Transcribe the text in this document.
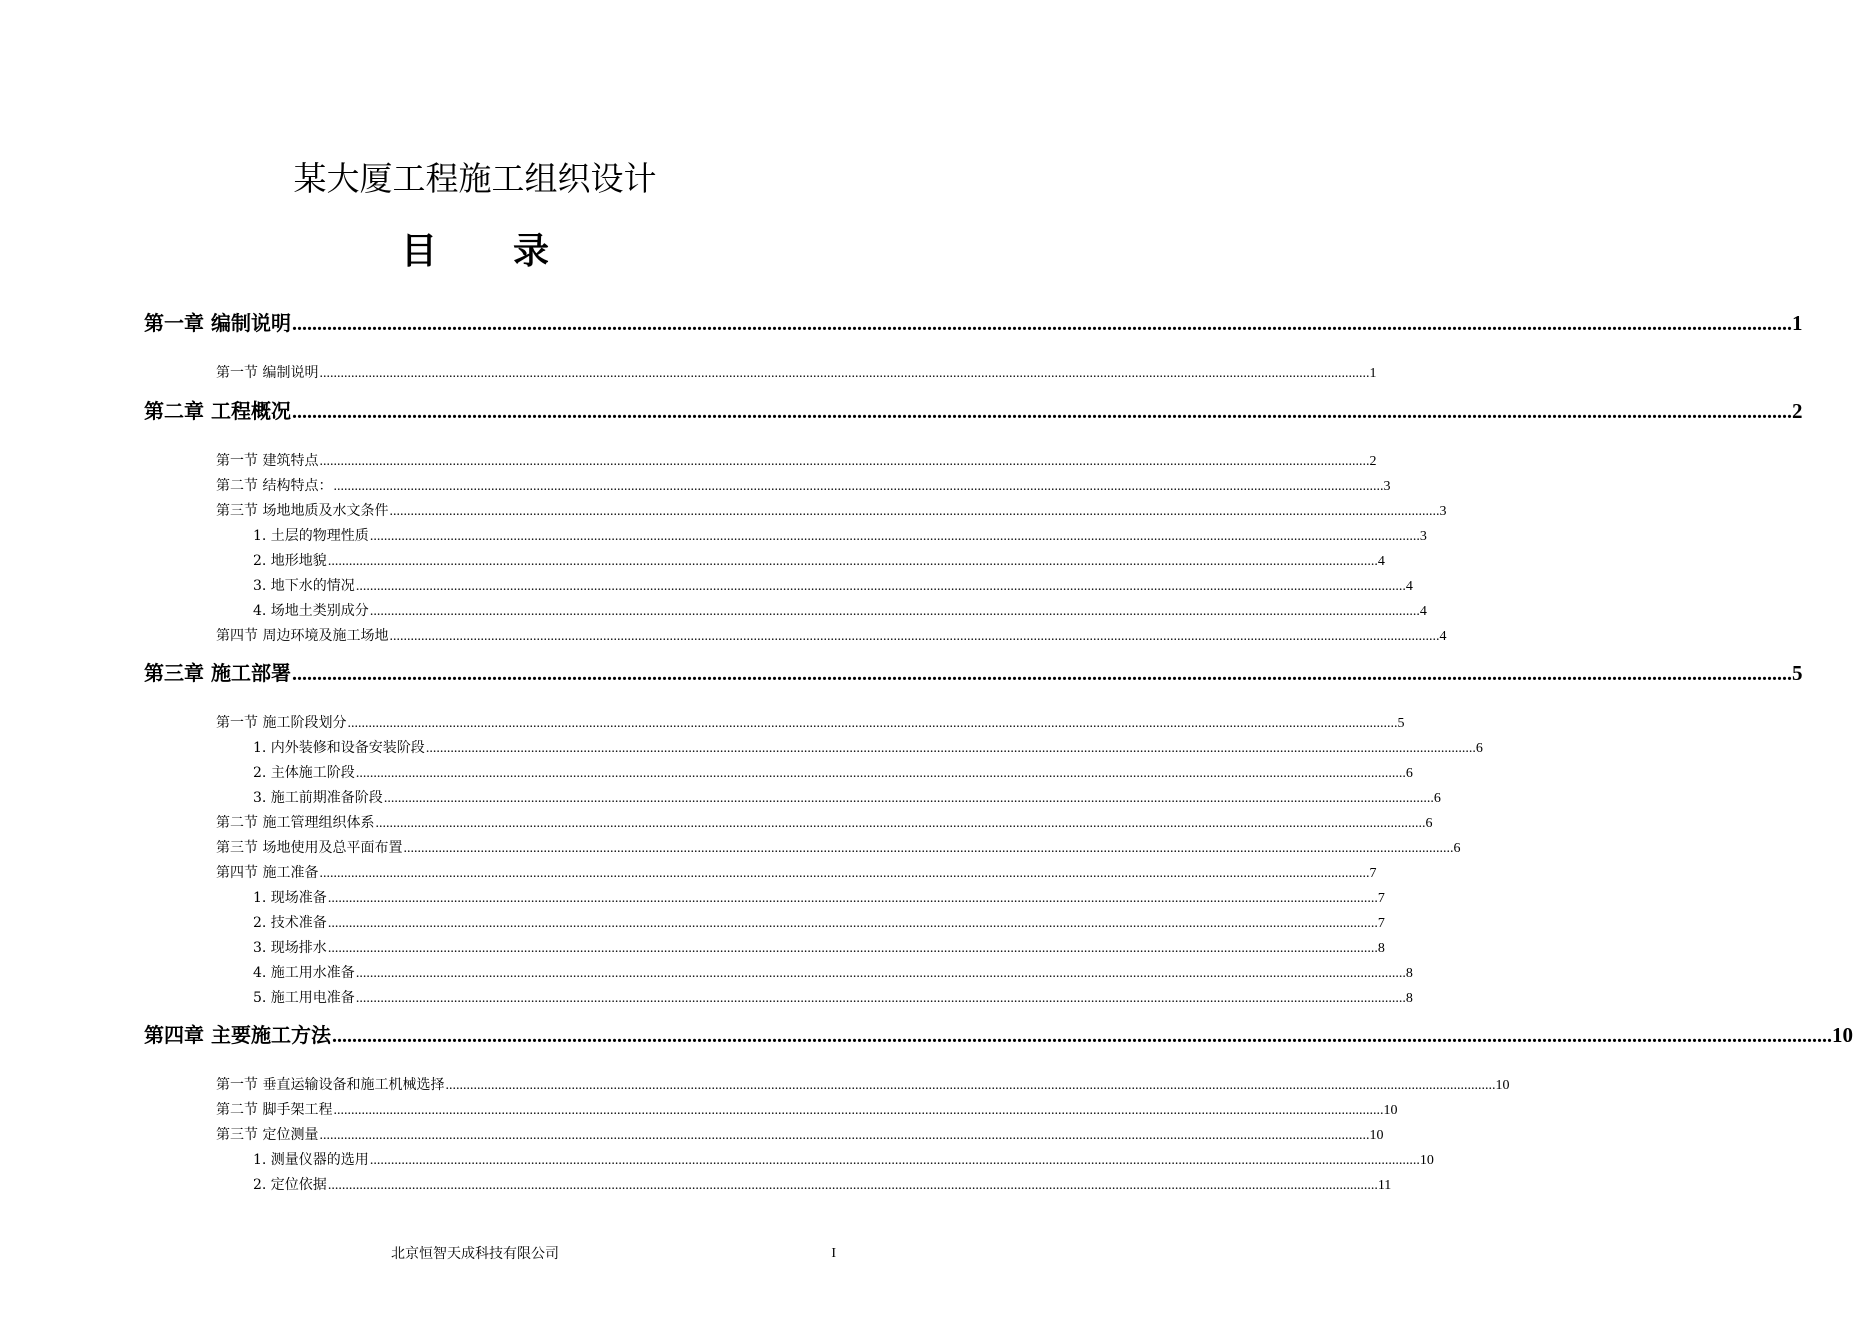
某大厦工程施工组织设计
目录
第一章 编制说明 ............................................................................................................................................................................................................................................................................................................ 1
第一节 编制说明 ............................................................................................................................................................................................................................................................................................................ 1
第二章 工程概况 ............................................................................................................................................................................................................................................................................................................ 2
第一节 建筑特点 ............................................................................................................................................................................................................................................................................................................ 2
第二节 结构特点： ............................................................................................................................................................................................................................................................................................................ 3
第三节 场地地质及水文条件 ............................................................................................................................................................................................................................................................................................................ 3
1. 土层的物理性质 ............................................................................................................................................................................................................................................................................................................ 3
2. 地形地貌 ............................................................................................................................................................................................................................................................................................................ 4
3. 地下水的情况 ............................................................................................................................................................................................................................................................................................................ 4
4. 场地土类别成分 ............................................................................................................................................................................................................................................................................................................ 4
第四节 周边环境及施工场地 ............................................................................................................................................................................................................................................................................................................ 4
第三章 施工部署 ............................................................................................................................................................................................................................................................................................................ 5
第一节 施工阶段划分 ............................................................................................................................................................................................................................................................................................................ 5
1. 内外装修和设备安装阶段 ............................................................................................................................................................................................................................................................................................................ 6
2. 主体施工阶段 ............................................................................................................................................................................................................................................................................................................ 6
3. 施工前期准备阶段 ............................................................................................................................................................................................................................................................................................................ 6
第二节 施工管理组织体系 ............................................................................................................................................................................................................................................................................................................ 6
第三节 场地使用及总平面布置 ............................................................................................................................................................................................................................................................................................................ 6
第四节 施工准备 ............................................................................................................................................................................................................................................................................................................ 7
1. 现场准备 ............................................................................................................................................................................................................................................................................................................ 7
2. 技术准备 ............................................................................................................................................................................................................................................................................................................ 7
3. 现场排水 ............................................................................................................................................................................................................................................................................................................ 8
4. 施工用水准备 ............................................................................................................................................................................................................................................................................................................ 8
5. 施工用电准备 ............................................................................................................................................................................................................................................................................................................ 8
第四章 主要施工方法 ............................................................................................................................................................................................................................................................................................................ 10
第一节 垂直运输设备和施工机械选择 ............................................................................................................................................................................................................................................................................................................ 10
第二节 脚手架工程 ............................................................................................................................................................................................................................................................................................................ 10
第三节 定位测量 ............................................................................................................................................................................................................................................................................................................ 10
1. 测量仪器的选用 ............................................................................................................................................................................................................................................................................................................ 10
2. 定位依据 ............................................................................................................................................................................................................................................................................................................ 11
北京恒智天成科技有限公司	I
